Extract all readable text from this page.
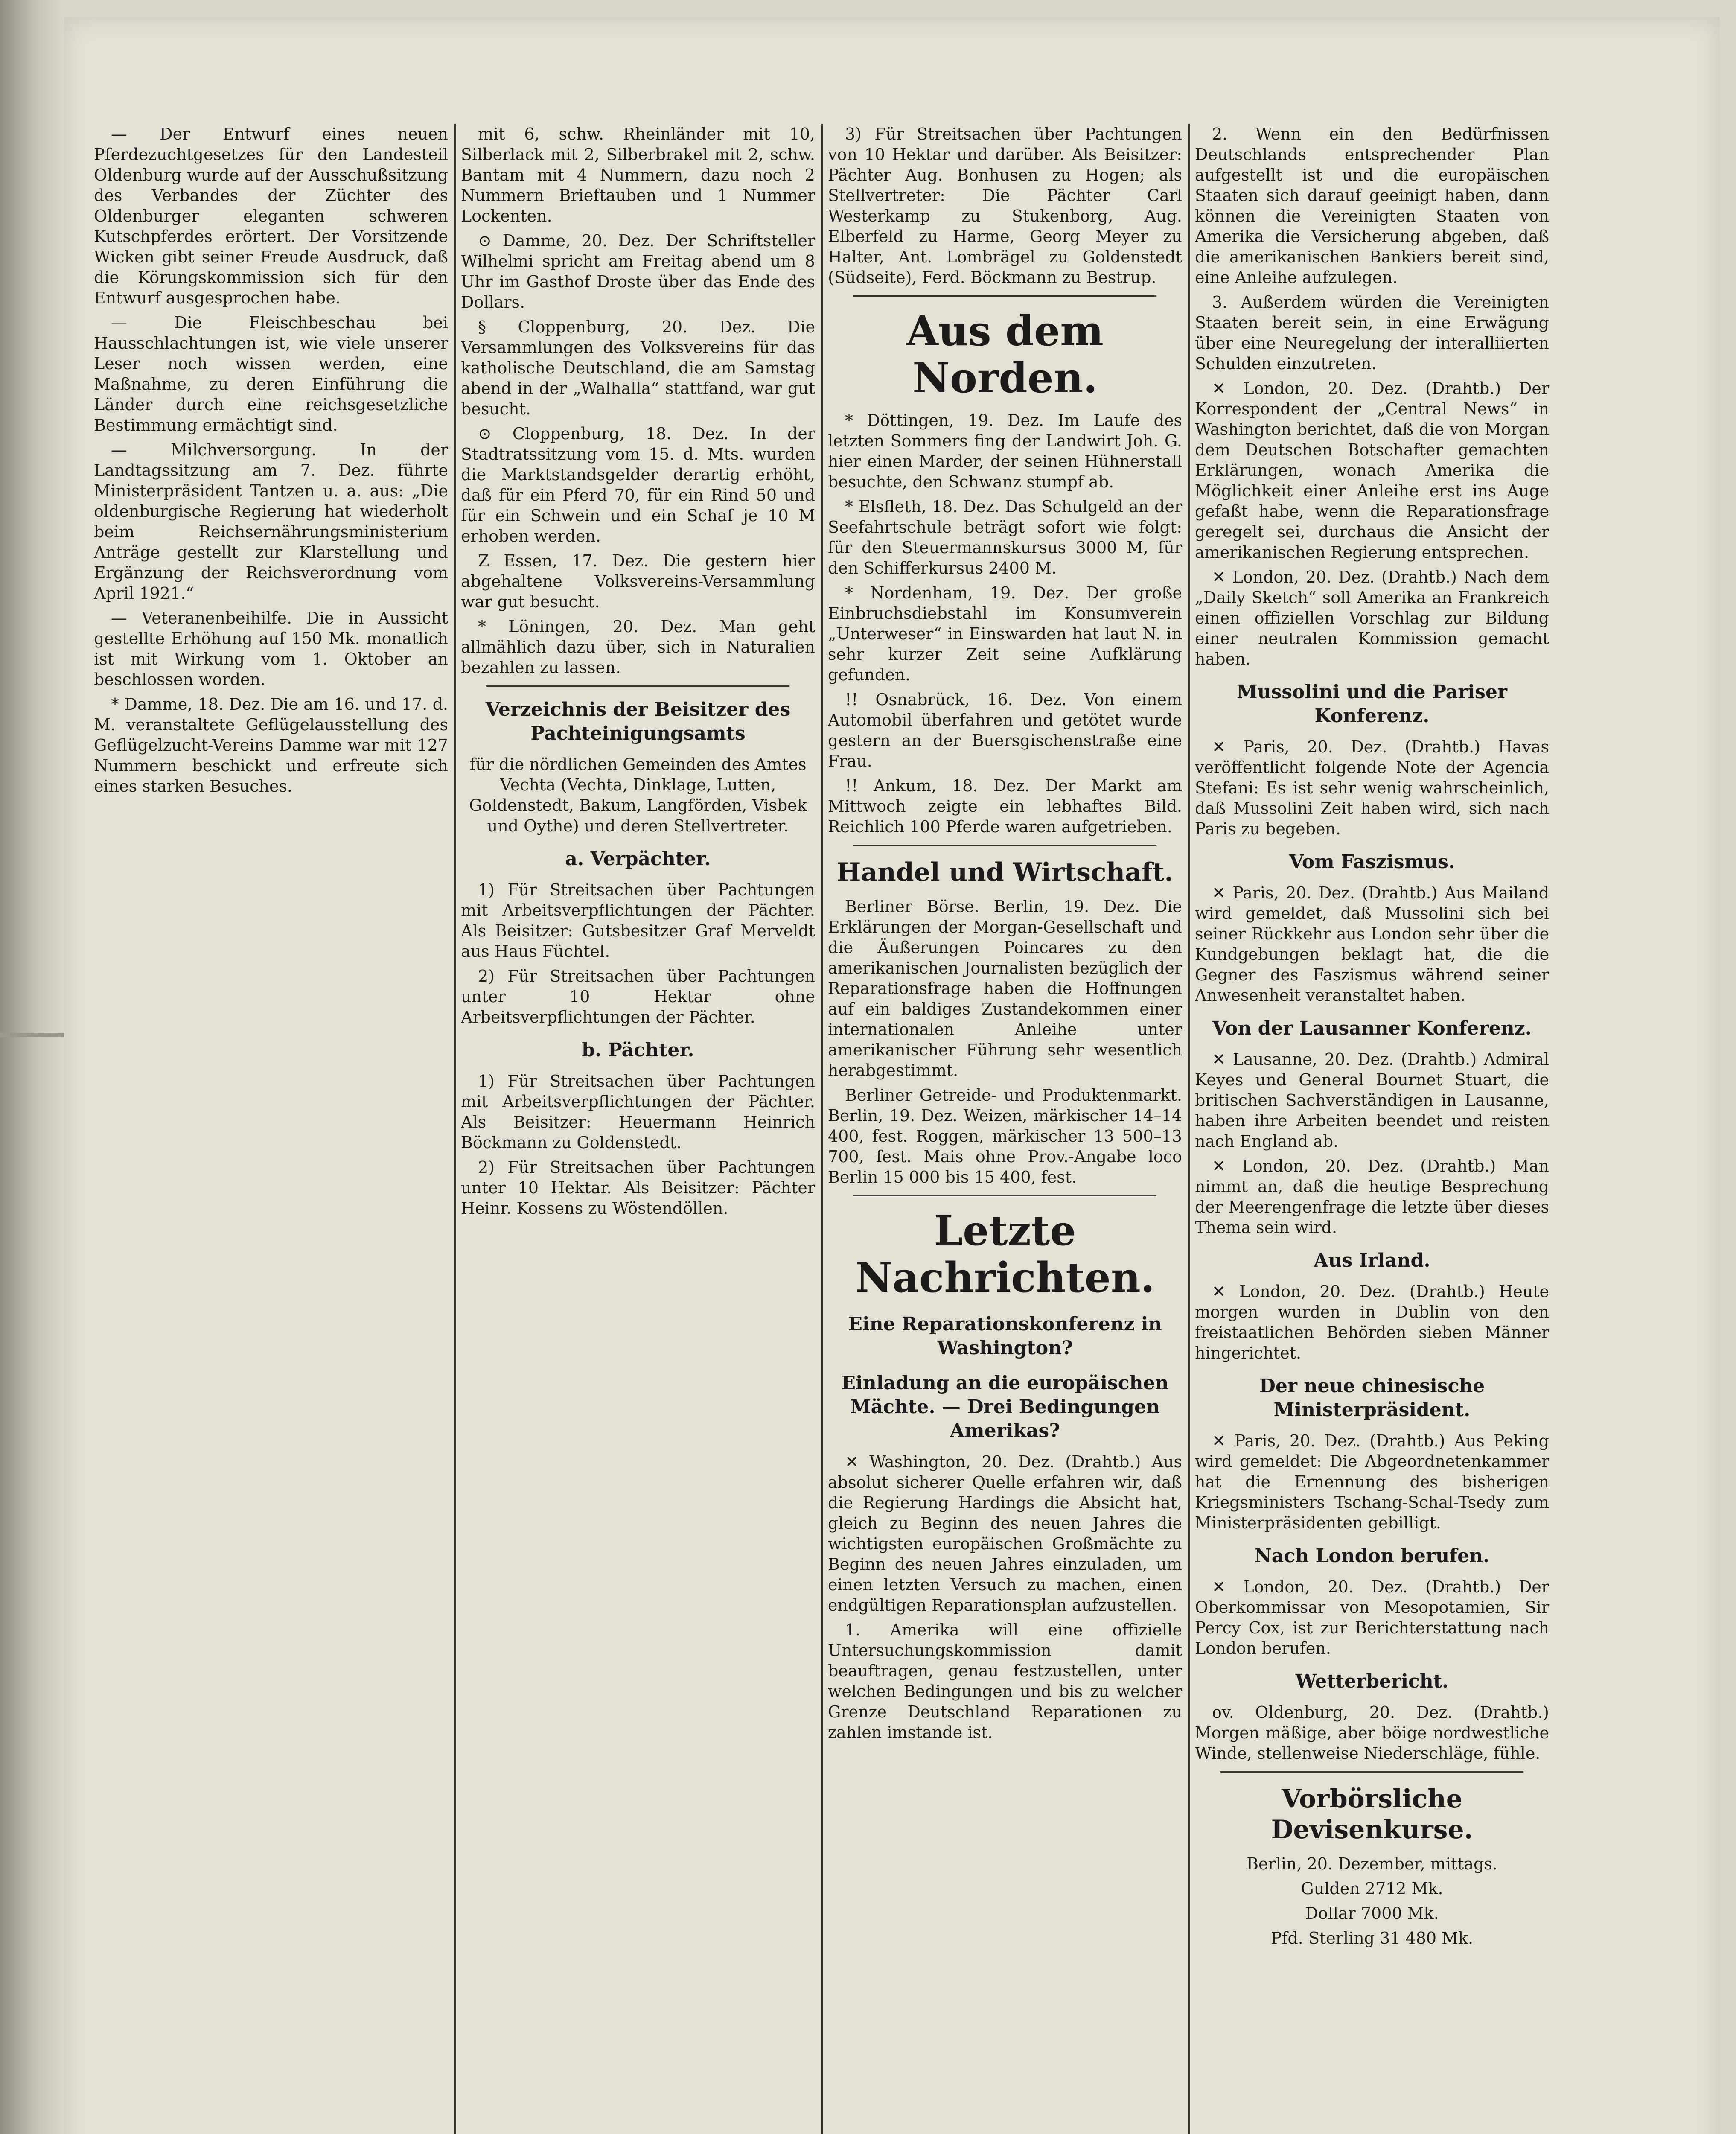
— Der Entwurf eines neuen Pferdezuchtgesetzes für den Landesteil Oldenburg wurde auf der Ausschußsitzung des Verbandes der Züchter des Oldenburger eleganten schweren Kutschpferdes erörtert. Der Vorsitzende Wicken gibt seiner Freude Ausdruck, daß die Körungskommission sich für den Entwurf ausgesprochen habe.

— Die Fleischbeschau bei Hausschlachtungen ist, wie viele unserer Leser noch wissen werden, eine Maßnahme, zu deren Einführung die Länder durch eine reichsgesetzliche Bestimmung ermächtigt sind.

— Milchversorgung. In der Landtagssitzung am 7. Dez. führte Ministerpräsident Tantzen u. a. aus: „Die oldenburgische Regierung hat wiederholt beim Reichsernährungsministerium Anträge gestellt zur Klarstellung und Ergänzung der Reichsverordnung vom April 1921.“

— Veteranenbeihilfe. Die in Aussicht gestellte Erhöhung auf 150 Mk. monatlich ist mit Wirkung vom 1. Oktober an beschlossen worden.

* Damme, 18. Dez. Die am 16. und 17. d. M. veranstaltete Geflügelausstellung des Geflügelzucht-Vereins Damme war mit 127 Nummern beschickt und erfreute sich eines starken Besuches.

mit 6, schw. Rheinländer mit 10, Silberlack mit 2, Silberbrakel mit 2, schw. Bantam mit 4 Nummern, dazu noch 2 Nummern Brieftauben und 1 Nummer Lockenten.

⊙ Damme, 20. Dez. Der Schriftsteller Wilhelmi spricht am Freitag abend um 8 Uhr im Gasthof Droste über das Ende des Dollars.

§ Cloppenburg, 20. Dez. Die Versammlungen des Volksvereins für das katholische Deutschland, die am Samstag abend in der „Walhalla“ stattfand, war gut besucht.

⊙ Cloppenburg, 18. Dez. In der Stadtratssitzung vom 15. d. Mts. wurden die Marktstandsgelder derartig erhöht, daß für ein Pferd 70, für ein Rind 50 und für ein Schwein und ein Schaf je 10 M erhoben werden.

Z Essen, 17. Dez. Die gestern hier abgehaltene Volksvereins-Versammlung war gut besucht.

* Löningen, 20. Dez. Man geht allmählich dazu über, sich in Naturalien bezahlen zu lassen.

Verzeichnis der Beisitzer des Pachteinigungsamts

für die nördlichen Gemeinden des Amtes Vechta (Vechta, Dinklage, Lutten, Goldenstedt, Bakum, Langförden, Visbek und Oythe) und deren Stellvertreter.

a. Verpächter.

1) Für Streitsachen über Pachtungen mit Arbeitsverpflichtungen der Pächter. Als Beisitzer: Gutsbesitzer Graf Merveldt aus Haus Füchtel.

2) Für Streitsachen über Pachtungen unter 10 Hektar ohne Arbeitsverpflichtungen der Pächter.

b. Pächter.

1) Für Streitsachen über Pachtungen mit Arbeitsverpflichtungen der Pächter. Als Beisitzer: Heuermann Heinrich Böckmann zu Goldenstedt.

2) Für Streitsachen über Pachtungen unter 10 Hektar. Als Beisitzer: Pächter Heinr. Kossens zu Wöstendöllen.

3) Für Streitsachen über Pachtungen von 10 Hektar und darüber. Als Beisitzer: Pächter Aug. Bonhusen zu Hogen; als Stellvertreter: Die Pächter Carl Westerkamp zu Stukenborg, Aug. Elberfeld zu Harme, Georg Meyer zu Halter, Ant. Lombrägel zu Goldenstedt (Südseite), Ferd. Böckmann zu Bestrup.

Aus dem Norden.

* Döttingen, 19. Dez. Im Laufe des letzten Sommers fing der Landwirt Joh. G. hier einen Marder, der seinen Hühnerstall besuchte, den Schwanz stumpf ab.

* Elsfleth, 18. Dez. Das Schulgeld an der Seefahrtschule beträgt sofort wie folgt: für den Steuermannskursus 3000 M, für den Schifferkursus 2400 M.

* Nordenham, 19. Dez. Der große Einbruchsdiebstahl im Konsumverein „Unterweser“ in Einswarden hat laut N. in sehr kurzer Zeit seine Aufklärung gefunden.

!! Osnabrück, 16. Dez. Von einem Automobil überfahren und getötet wurde gestern an der Buersgischenstraße eine Frau.

!! Ankum, 18. Dez. Der Markt am Mittwoch zeigte ein lebhaftes Bild. Reichlich 100 Pferde waren aufgetrieben.

Handel und Wirtschaft.

Berliner Börse. Berlin, 19. Dez. Die Erklärungen der Morgan-Gesellschaft und die Äußerungen Poincares zu den amerikanischen Journalisten bezüglich der Reparationsfrage haben die Hoffnungen auf ein baldiges Zustandekommen einer internationalen Anleihe unter amerikanischer Führung sehr wesentlich herabgestimmt.

Berliner Getreide- und Produktenmarkt. Berlin, 19. Dez. Weizen, märkischer 14–14 400, fest. Roggen, märkischer 13 500–13 700, fest. Mais ohne Prov.-Angabe loco Berlin 15 000 bis 15 400, fest.

Letzte Nachrichten.

Eine Reparationskonferenz in Washington?

Einladung an die europäischen Mächte. — Drei Bedingungen Amerikas?

✕ Washington, 20. Dez. (Drahtb.) Aus absolut sicherer Quelle erfahren wir, daß die Regierung Hardings die Absicht hat, gleich zu Beginn des neuen Jahres die wichtigsten europäischen Großmächte zu Beginn des neuen Jahres einzuladen, um einen letzten Versuch zu machen, einen endgültigen Reparationsplan aufzustellen.

1. Amerika will eine offizielle Untersuchungskommission damit beauftragen, genau festzustellen, unter welchen Bedingungen und bis zu welcher Grenze Deutschland Reparationen zu zahlen imstande ist.

2. Wenn ein den Bedürfnissen Deutschlands entsprechender Plan aufgestellt ist und die europäischen Staaten sich darauf geeinigt haben, dann können die Vereinigten Staaten von Amerika die Versicherung abgeben, daß die amerikanischen Bankiers bereit sind, eine Anleihe aufzulegen.

3. Außerdem würden die Vereinigten Staaten bereit sein, in eine Erwägung über eine Neuregelung der interalliierten Schulden einzutreten.

✕ London, 20. Dez. (Drahtb.) Der Korrespondent der „Central News“ in Washington berichtet, daß die von Morgan dem Deutschen Botschafter gemachten Erklärungen, wonach Amerika die Möglichkeit einer Anleihe erst ins Auge gefaßt habe, wenn die Reparationsfrage geregelt sei, durchaus die Ansicht der amerikanischen Regierung entsprechen.

✕ London, 20. Dez. (Drahtb.) Nach dem „Daily Sketch“ soll Amerika an Frankreich einen offiziellen Vorschlag zur Bildung einer neutralen Kommission gemacht haben.

Mussolini und die Pariser Konferenz.

✕ Paris, 20. Dez. (Drahtb.) Havas veröffentlicht folgende Note der Agencia Stefani: Es ist sehr wenig wahrscheinlich, daß Mussolini Zeit haben wird, sich nach Paris zu begeben.

Vom Faszismus.

✕ Paris, 20. Dez. (Drahtb.) Aus Mailand wird gemeldet, daß Mussolini sich bei seiner Rückkehr aus London sehr über die Kundgebungen beklagt hat, die die Gegner des Faszismus während seiner Anwesenheit veranstaltet haben.

Von der Lausanner Konferenz.

✕ Lausanne, 20. Dez. (Drahtb.) Admiral Keyes und General Bournet Stuart, die britischen Sachverständigen in Lausanne, haben ihre Arbeiten beendet und reisten nach England ab.

✕ London, 20. Dez. (Drahtb.) Man nimmt an, daß die heutige Besprechung der Meerengenfrage die letzte über dieses Thema sein wird.

Aus Irland.

✕ London, 20. Dez. (Drahtb.) Heute morgen wurden in Dublin von den freistaatlichen Behörden sieben Männer hingerichtet.

Der neue chinesische Ministerpräsident.

✕ Paris, 20. Dez. (Drahtb.) Aus Peking wird gemeldet: Die Abgeordnetenkammer hat die Ernennung des bisherigen Kriegsministers Tschang-Schal-Tsedy zum Ministerpräsidenten gebilligt.

Nach London berufen.

✕ London, 20. Dez. (Drahtb.) Der Oberkommissar von Mesopotamien, Sir Percy Cox, ist zur Berichterstattung nach London berufen.

Wetterbericht.

ov. Oldenburg, 20. Dez. (Drahtb.) Morgen mäßige, aber böige nordwestliche Winde, stellenweise Niederschläge, fühle.

Vorbörsliche Devisenkurse.

Berlin, 20. Dezember, mittags.

Gulden 2712 Mk.

Dollar 7000 Mk.

Pfd. Sterling 31 480 Mk.
